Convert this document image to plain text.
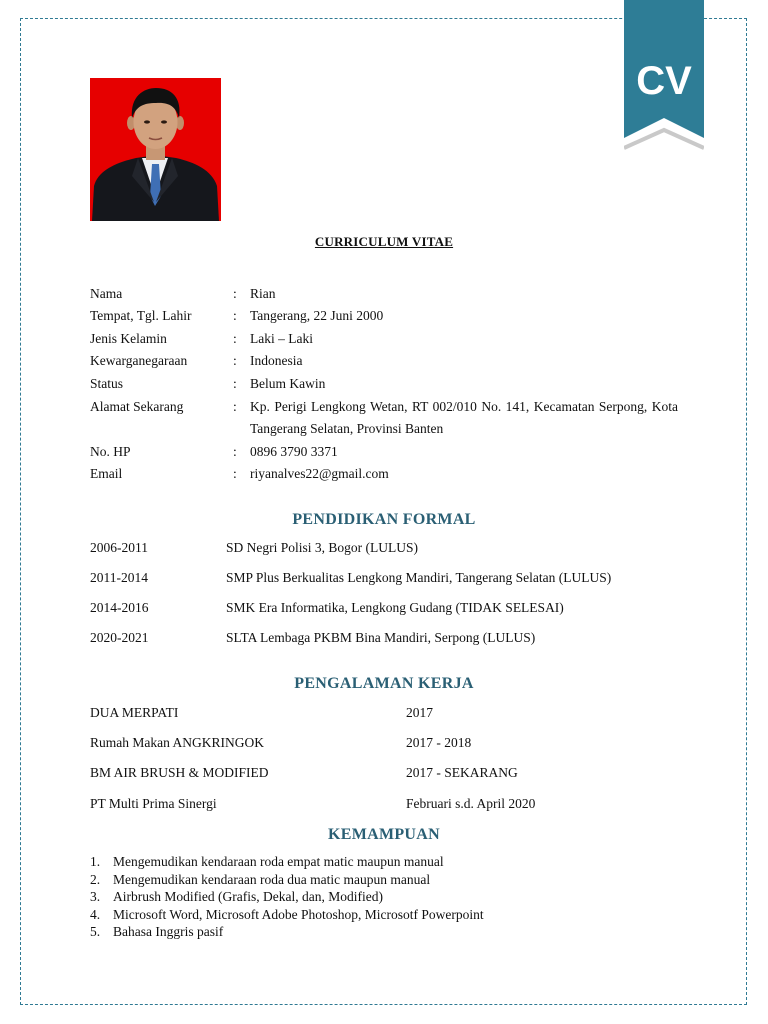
CV
CURRICULUM VITAE
Nama	: Rian
Tempat, Tgl. Lahir	: Tangerang, 22 Juni 2000
Jenis Kelamin	: Laki – Laki
Kewarganegaraan	: Indonesia
Status	: Belum Kawin
Alamat Sekarang	: Kp. Perigi Lengkong Wetan, RT 002/010 No. 141, Kecamatan Serpong, Kota Tangerang Selatan, Provinsi Banten
No. HP	: 0896 3790 3371
Email	: riyanalves22@gmail.com
PENDIDIKAN FORMAL
2006-2011	SD Negri Polisi 3, Bogor (LULUS)
2011-2014	SMP Plus Berkualitas Lengkong Mandiri, Tangerang Selatan (LULUS)
2014-2016	SMK Era Informatika, Lengkong Gudang (TIDAK SELESAI)
2020-2021	SLTA Lembaga PKBM Bina Mandiri, Serpong (LULUS)
PENGALAMAN KERJA
DUA MERPATI	2017
Rumah Makan ANGKRINGOK	2017 - 2018
BM AIR BRUSH & MODIFIED	2017 - SEKARANG
PT Multi Prima Sinergi	Februari s.d. April 2020
KEMAMPUAN
1. Mengemudikan kendaraan roda empat matic maupun manual
2. Mengemudikan kendaraan roda dua matic maupun manual
3. Airbrush Modified (Grafis, Dekal, dan, Modified)
4. Microsoft Word, Microsoft Adobe Photoshop, Microsotf Powerpoint
5. Bahasa Inggris pasif
